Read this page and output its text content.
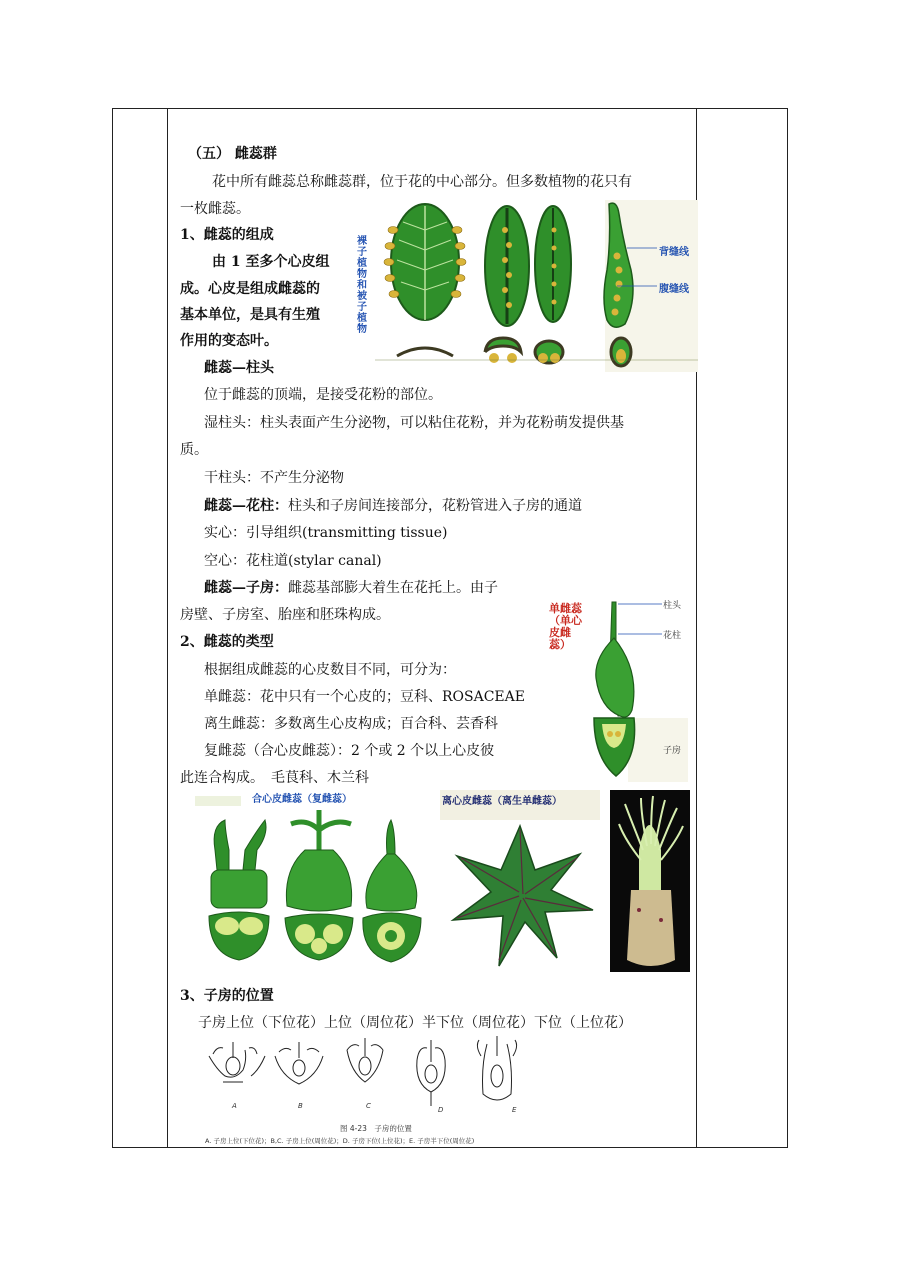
（五） 雌蕊群
花中所有雌蕊总称雌蕊群，位于花的中心部分。但多数植物的花只有
一枚雌蕊。
1、雌蕊的组成
由 1 至多个心皮组
成。心皮是组成雌蕊的
基本单位，是具有生殖
作用的变态叶。
雌蕊—柱头
位于雌蕊的顶端，是接受花粉的部位。
湿柱头：柱头表面产生分泌物，可以粘住花粉，并为花粉萌发提供基
质。
干柱头：不产生分泌物
雌蕊—花柱：柱头和子房间连接部分，花粉管进入子房的通道
实心：引导组织(transmitting tissue)
空心：花柱道(stylar canal)
雌蕊—子房：雌蕊基部膨大着生在花托上。由子
房壁、子房室、胎座和胚珠构成。
2、雌蕊的类型
根据组成雌蕊的心皮数目不同，可分为：
单雌蕊：花中只有一个心皮的；豆科、ROSACEAE
离生雌蕊：多数离生心皮构成；百合科、芸香科
复雌蕊（合心皮雌蕊）：2 个或 2 个以上心皮彼
此连合构成。　毛茛科、木兰科
3、子房的位置
子房上位（下位花）上位（周位花）半下位（周位花）下位（上位花）
裸子植物和被子植物
背缝线
腹缝线
单雌蕊（单心皮雌蕊）
柱头
花柱
子房
合心皮雌蕊（复雌蕊）	离心皮雌蕊（离生单雌蕊）
A	B	C	D	E
图 4-23　子房的位置
A. 子房上位(下位花)；B,C. 子房上位(周位花)；D. 子房下位(上位花)；E. 子房半下位(周位花)
